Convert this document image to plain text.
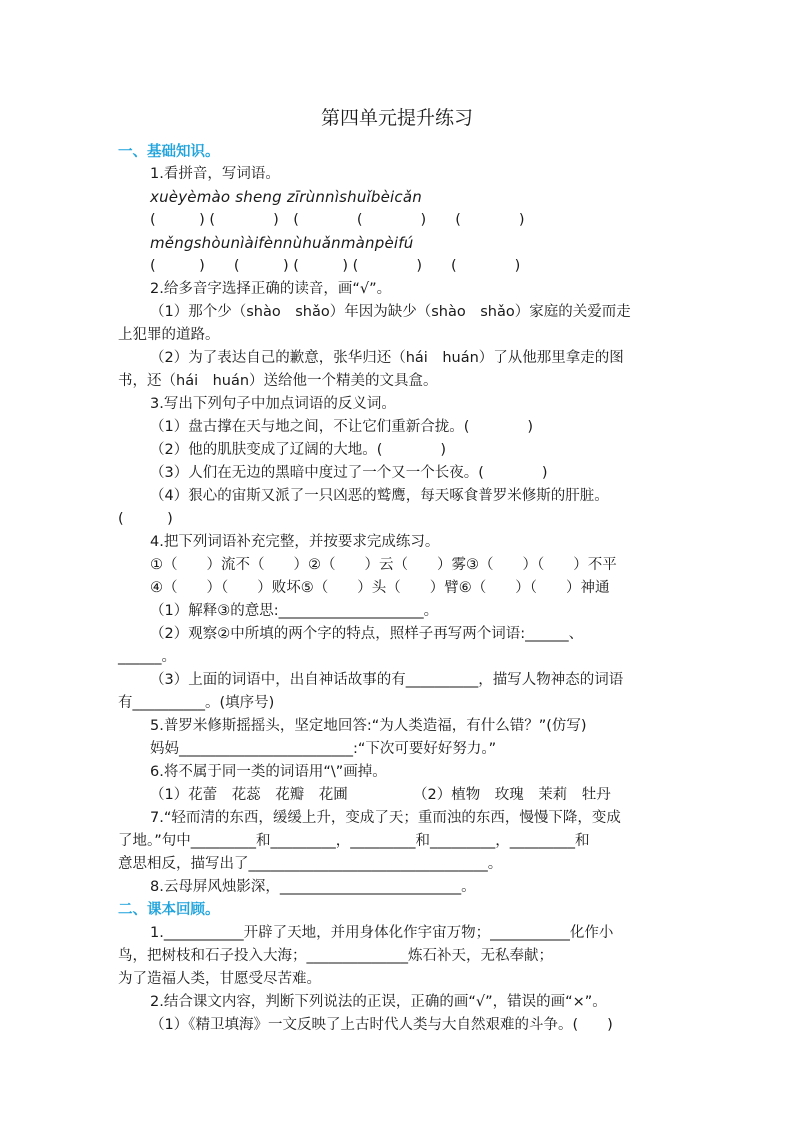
第四单元提升练习
一、基础知识。
1.看拼音，写词语。
xuèyèmào sheng zīrùnnìshuǐbèicǎn
(　　　) (　　　　)　(　　　　(　　　　)　　(　　　　)
měngshòunìàifènnùhuǎnmànpèifú
(　　　)　　(　　　) (　　　) (　　　　)　　(　　　　)
2.给多音字选择正确的读音，画“√”。
（1）那个少（shào　shǎo）年因为缺少（shào　shǎo）家庭的关爱而走
上犯罪的道路。
（2）为了表达自己的歉意，张华归还（hái　huán）了从他那里拿走的图
书，还（hái　huán）送给他一个精美的文具盒。
3.写出下列句子中加点词语的反义词。
（1）盘古撑在天与地之间，不让它们重新合拢。(　　　　)
（2）他的肌肤变成了辽阔的大地。(　　　　)
（3）人们在无边的黑暗中度过了一个又一个长夜。(　　　　)
（4）狠心的宙斯又派了一只凶恶的鹫鹰，每天啄食普罗米修斯的肝脏。
(　　　)
4.把下列词语补充完整，并按要求完成练习。
①（　　）流不（　　）②（　　）云（　　）雾③（　　）（　　）不平
④（　　）（　　）败坏⑤（　　）头（　　）臂⑥（　　）（　　）神通
（1）解释③的意思:____________________。
（2）观察②中所填的两个字的特点，照样子再写两个词语:______、
______。
（3）上面的词语中，出自神话故事的有__________，描写人物神态的词语
有__________。(填序号)
5.普罗米修斯摇摇头，坚定地回答:“为人类造福，有什么错？”(仿写)
妈妈________________________:“下次可要好好努力。”
6.将不属于同一类的词语用“\”画掉。
（1）花蕾　花蕊　花瓣　花圃　　　　　（2）植物　玫瑰　茉莉　牡丹
7.“轻而清的东西，缓缓上升，变成了天；重而浊的东西，慢慢下降，变成
了地。”句中_________和_________，_________和_________，_________和
意思相反，描写出了_________________________________。
8.云母屏风烛影深，_________________________。
二、课本回顾。
1.___________开辟了天地，并用身体化作宇宙万物；___________化作小
鸟，把树枝和石子投入大海；______________炼石补天，无私奉献；
为了造福人类，甘愿受尽苦难。
2.结合课文内容，判断下列说法的正误，正确的画“√”，错误的画“×”。
（1）《精卫填海》一文反映了上古时代人类与大自然艰难的斗争。(　　)
